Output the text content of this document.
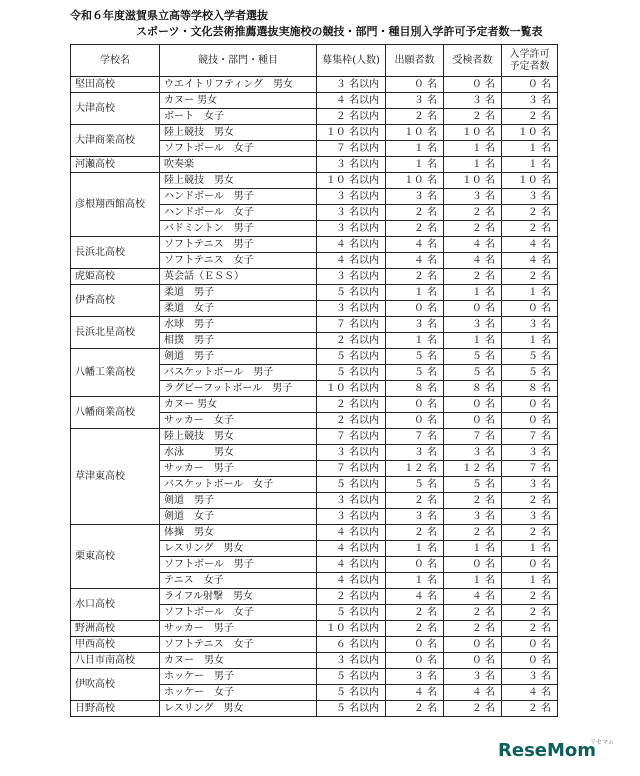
令和６年度滋賀県立高等学校入学者選抜
スポーツ・文化芸術推薦選抜実施校の競技・部門・種目別入学許可予定者数一覧表
学校名	競技・部門・種目	募集枠(人数)	出願者数	受検者数	入学許可予定者数
堅田高校	ウエイトリフティング　男女	３ 名以内	０ 名	０ 名	０ 名
大津高校	カヌー 男女	４ 名以内	３ 名	３ 名	３ 名
	ボート　女子	２ 名以内	２ 名	２ 名	２ 名
大津商業高校	陸上競技　男女	１０ 名以内	１０ 名	１０ 名	１０ 名
	ソフトボール　女子	７ 名以内	１ 名	１ 名	１ 名
河瀬高校	吹奏楽	３ 名以内	１ 名	１ 名	１ 名
彦根翔西館高校	陸上競技　男女	１０ 名以内	１０ 名	１０ 名	１０ 名
	ハンドボール　男子	３ 名以内	３ 名	３ 名	３ 名
	ハンドボール　女子	３ 名以内	２ 名	２ 名	２ 名
	バドミントン　男子	３ 名以内	２ 名	２ 名	２ 名
長浜北高校	ソフトテニス　男子	４ 名以内	４ 名	４ 名	４ 名
	ソフトテニス　女子	４ 名以内	４ 名	４ 名	４ 名
虎姫高校	英会話（ＥＳＳ）	３ 名以内	２ 名	２ 名	２ 名
伊香高校	柔道　男子	５ 名以内	１ 名	１ 名	１ 名
	柔道　女子	３ 名以内	０ 名	０ 名	０ 名
長浜北星高校	水球　男子	７ 名以内	３ 名	３ 名	３ 名
	相撲　男子	２ 名以内	１ 名	１ 名	１ 名
八幡工業高校	剣道　男子	５ 名以内	５ 名	５ 名	５ 名
	バスケットボール　男子	５ 名以内	５ 名	５ 名	５ 名
	ラグビーフットボール　男子	１０ 名以内	８ 名	８ 名	８ 名
八幡商業高校	カヌー 男女	２ 名以内	０ 名	０ 名	０ 名
	サッカー　女子	２ 名以内	０ 名	０ 名	０ 名
草津東高校	陸上競技　男女	７ 名以内	７ 名	７ 名	７ 名
	水泳　　　男女	３ 名以内	３ 名	３ 名	３ 名
	サッカー　男子	７ 名以内	１２ 名	１２ 名	７ 名
	バスケットボール　女子	５ 名以内	５ 名	５ 名	３ 名
	剣道　男子	３ 名以内	２ 名	２ 名	２ 名
	剣道　女子	３ 名以内	３ 名	３ 名	３ 名
栗東高校	体操　男女	４ 名以内	２ 名	２ 名	２ 名
	レスリング　男女	４ 名以内	１ 名	１ 名	１ 名
	ソフトボール　男子	４ 名以内	０ 名	０ 名	０ 名
	テニス　女子	４ 名以内	１ 名	１ 名	１ 名
水口高校	ライフル射撃　男女	２ 名以内	４ 名	４ 名	２ 名
	ソフトボール　女子	５ 名以内	２ 名	２ 名	２ 名
野洲高校	サッカー　男子	１０ 名以内	２ 名	２ 名	２ 名
甲西高校	ソフトテニス　女子	６ 名以内	０ 名	０ 名	０ 名
八日市南高校	カヌー　男女	３ 名以内	０ 名	０ 名	０ 名
伊吹高校	ホッケー　男子	５ 名以内	３ 名	３ 名	３ 名
	ホッケー　女子	５ 名以内	４ 名	４ 名	４ 名
日野高校	レスリング　男女	５ 名以内	２ 名	２ 名	２ 名
ReseMom
リセマム
